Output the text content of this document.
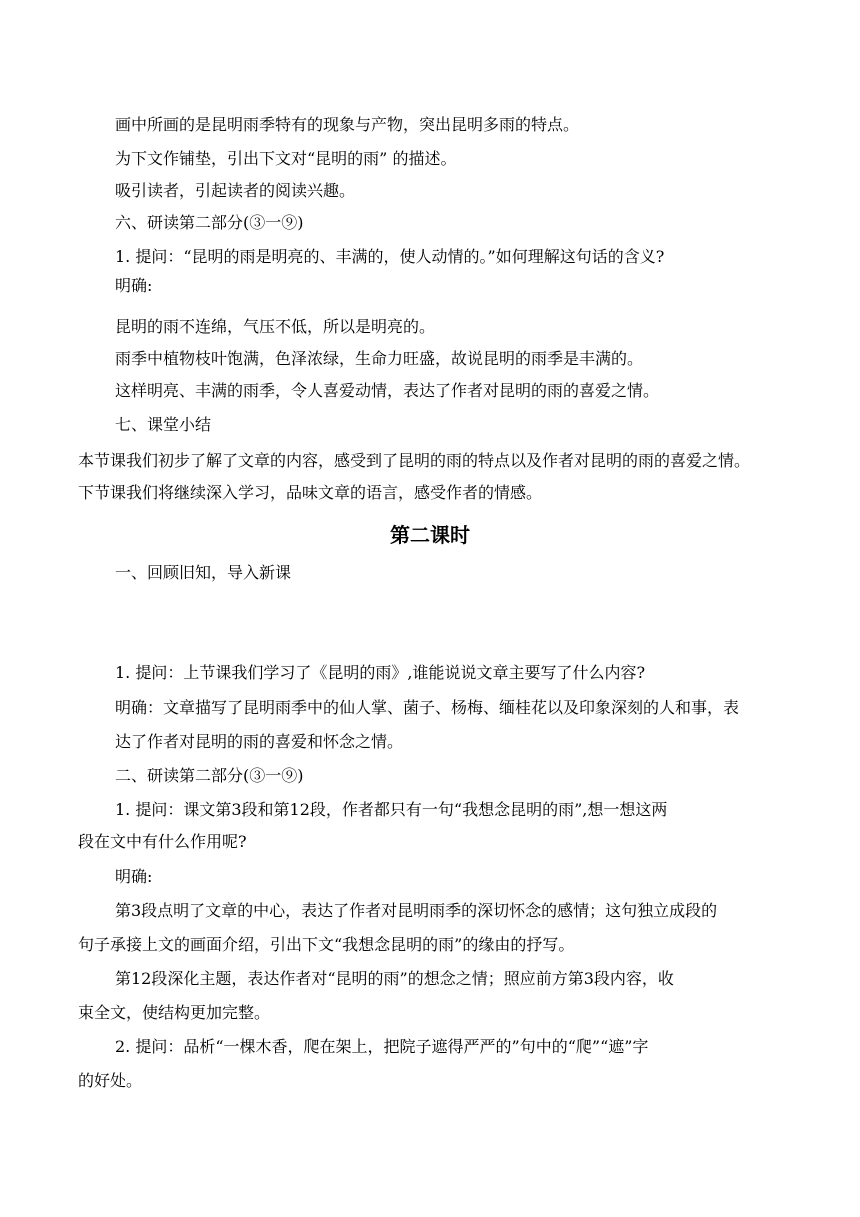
画中所画的是昆明雨季特有的现象与产物，突出昆明多雨的特点。
为下文作铺垫，引出下文对“昆明的雨” 的描述。
吸引读者，引起读者的阅读兴趣。
六、研读第二部分(③一⑨)
1. 提问：“昆明的雨是明亮的、丰满的，使人动情的。”如何理解这句话的含义?
明确:
昆明的雨不连绵，气压不低，所以是明亮的。
雨季中植物枝叶饱满，色泽浓绿，生命力旺盛，故说昆明的雨季是丰满的。
这样明亮、丰满的雨季，令人喜爱动情，表达了作者对昆明的雨的喜爱之情。
七、课堂小结
本节课我们初步了解了文章的内容，感受到了昆明的雨的特点以及作者对昆明的雨的喜爱之情。
下节课我们将继续深入学习，品味文章的语言，感受作者的情感。
第二课时
一、回顾旧知，导入新课
1. 提问：上节课我们学习了《昆明的雨》,谁能说说文章主要写了什么内容?
明确：文章描写了昆明雨季中的仙人掌、菌子、杨梅、缅桂花以及印象深刻的人和事，表
达了作者对昆明的雨的喜爱和怀念之情。
二、研读第二部分(③一⑨)
1. 提问：课文第3段和第12段，作者都只有一句“我想念昆明的雨”,想一想这两
段在文中有什么作用呢?
明确:
第3段点明了文章的中心，表达了作者对昆明雨季的深切怀念的感情；这句独立成段的
句子承接上文的画面介绍，引出下文“我想念昆明的雨”的缘由的抒写。
第12段深化主题，表达作者对“昆明的雨”的想念之情；照应前方第3段内容，收
束全文，使结构更加完整。
2. 提问：品析“一棵木香，爬在架上，把院子遮得严严的”句中的“爬”“遮”字
的好处。
